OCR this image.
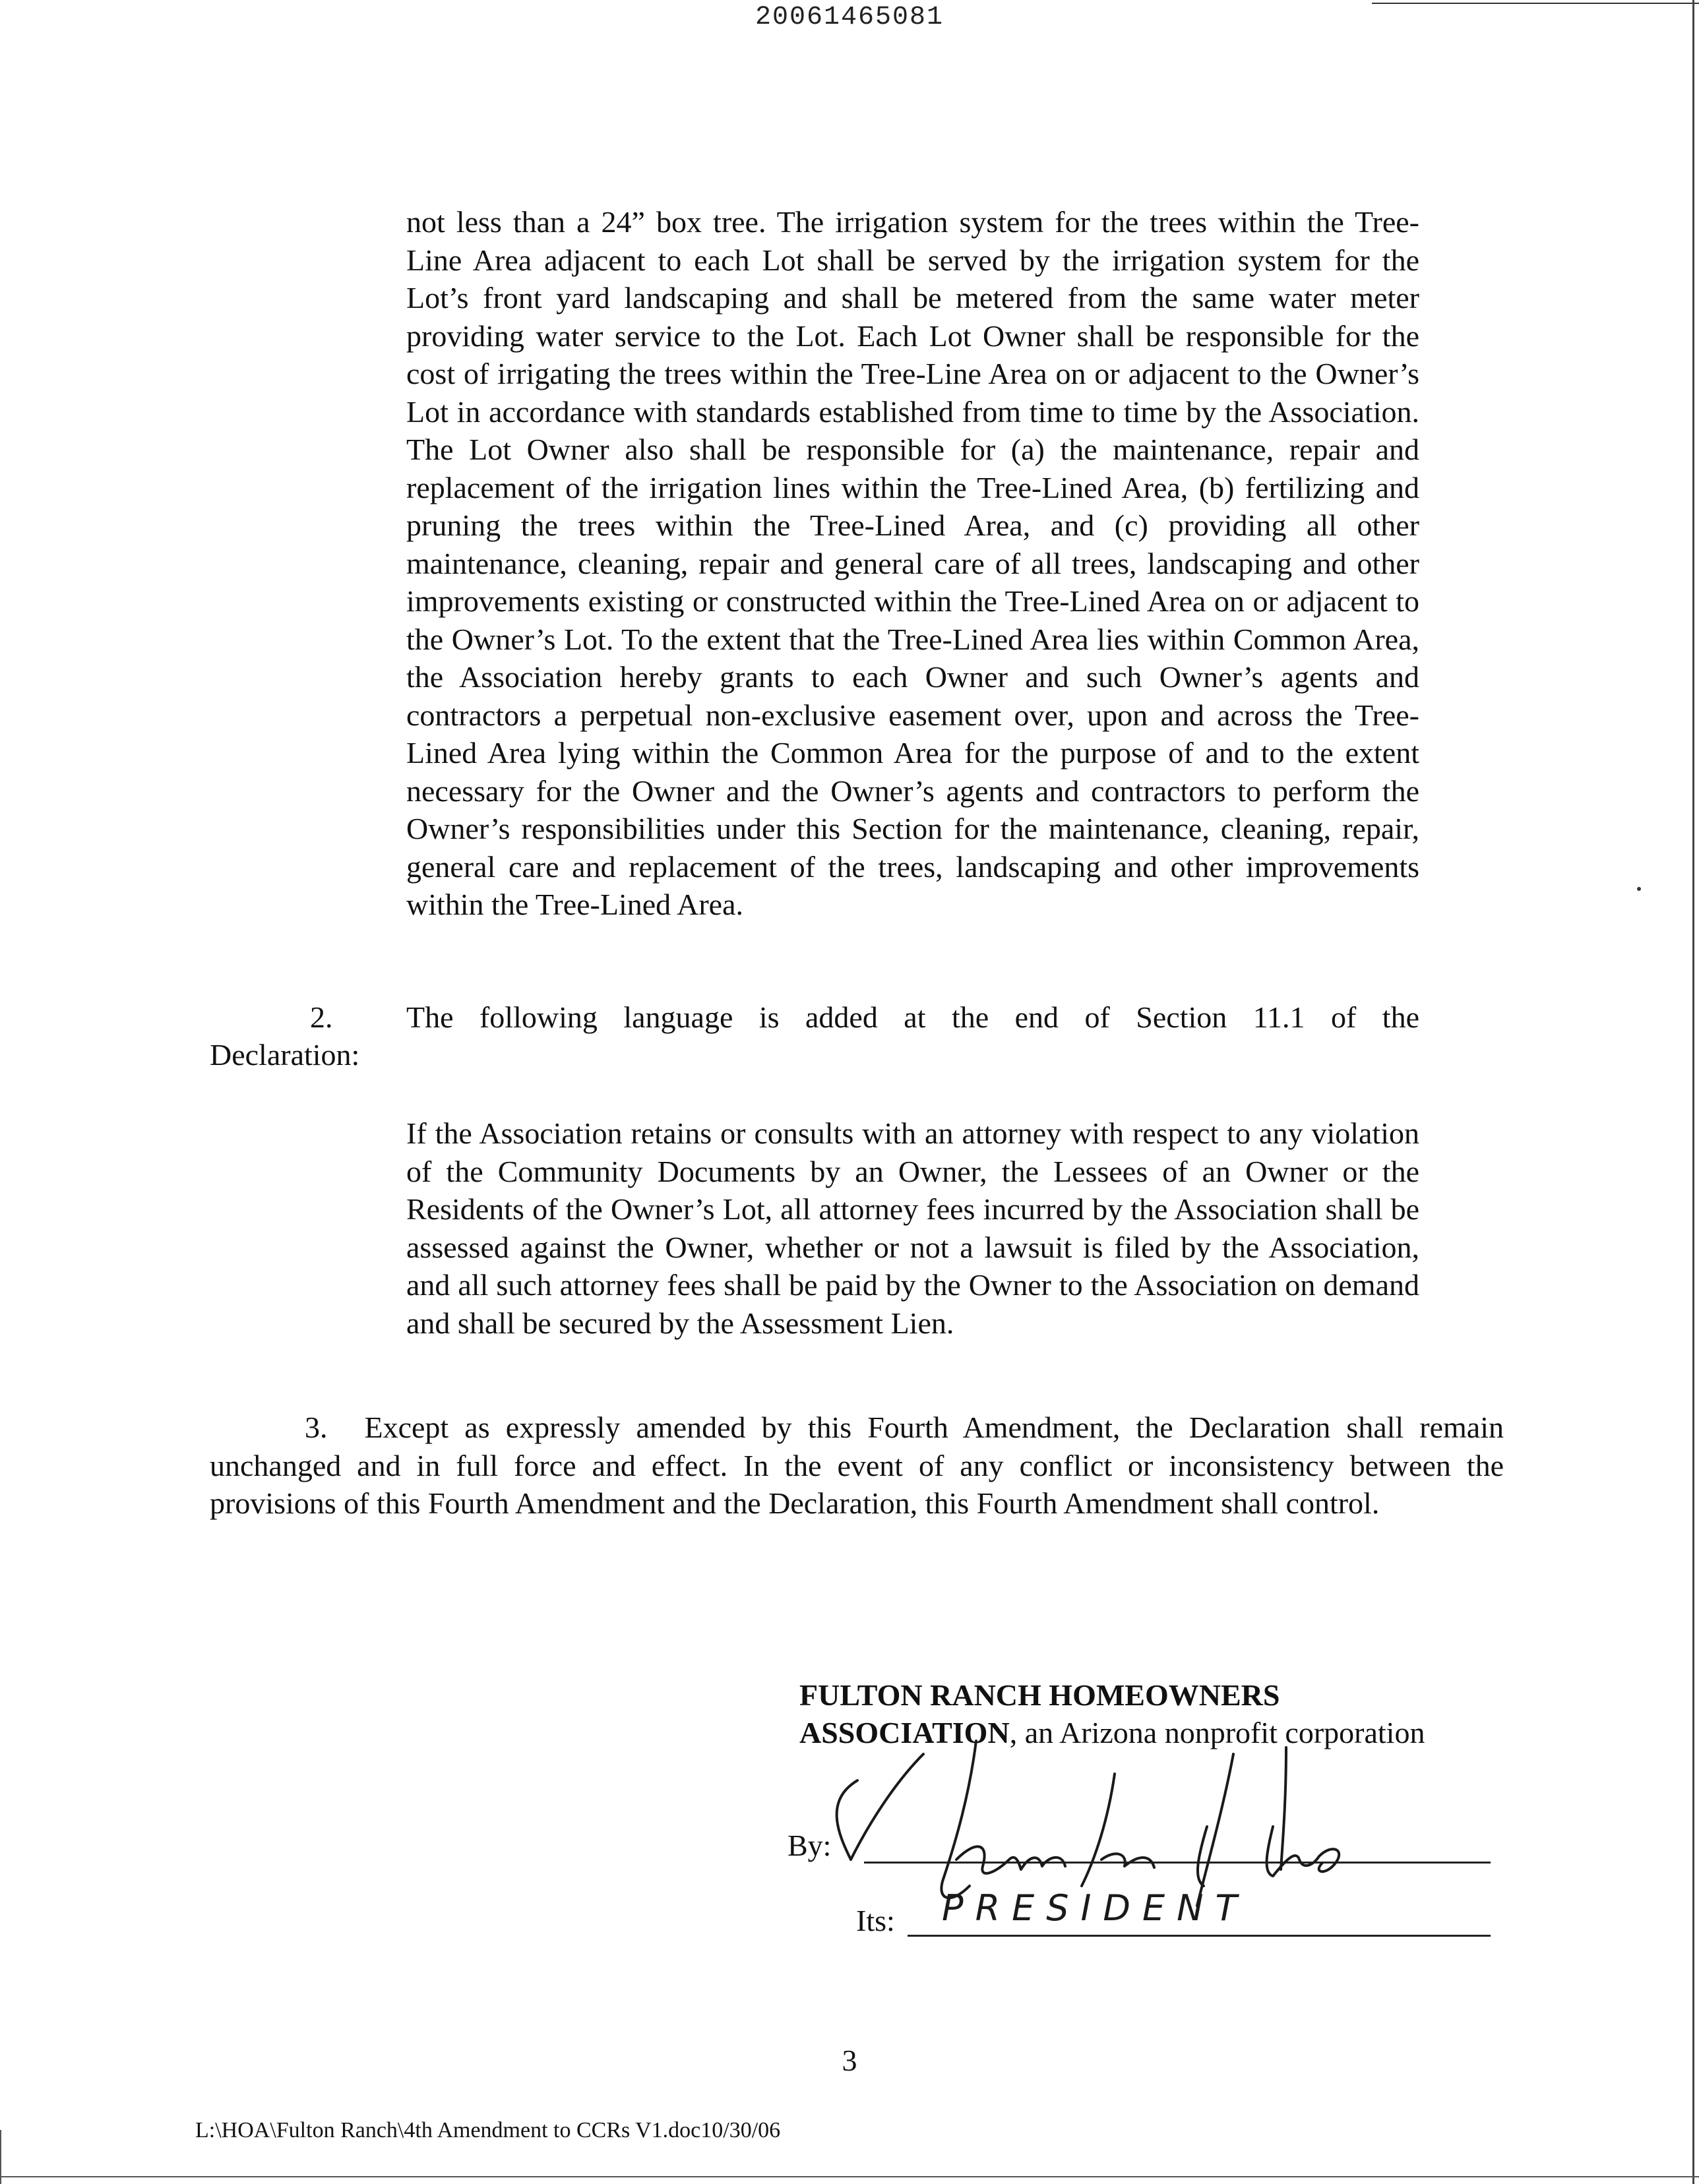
20061465081

not less than a 24” box tree. The irrigation system for the trees within the Tree-Line Area adjacent to each Lot shall be served by the irrigation system for the Lot’s front yard landscaping and shall be metered from the same water meter providing water service to the Lot. Each Lot Owner shall be responsible for the cost of irrigating the trees within the Tree-Line Area on or adjacent to the Owner’s Lot in accordance with standards established from time to time by the Association. The Lot Owner also shall be responsible for (a) the maintenance, repair and replacement of the irrigation lines within the Tree-Lined Area, (b) fertilizing and pruning the trees within the Tree-Lined Area, and (c) providing all other maintenance, cleaning, repair and general care of all trees, landscaping and other improvements existing or constructed within the Tree-Lined Area on or adjacent to the Owner’s Lot. To the extent that the Tree-Lined Area lies within Common Area, the Association hereby grants to each Owner and such Owner’s agents and contractors a perpetual non-exclusive easement over, upon and across the Tree-Lined Area lying within the Common Area for the purpose of and to the extent necessary for the Owner and the Owner’s agents and contractors to perform the Owner’s responsibilities under this Section for the maintenance, cleaning, repair, general care and replacement of the trees, landscaping and other improvements within the Tree-Lined Area.

2. The following language is added at the end of Section 11.1 of the
Declaration:

If the Association retains or consults with an attorney with respect to any violation of the Community Documents by an Owner, the Lessees of an Owner or the Residents of the Owner’s Lot, all attorney fees incurred by the Association shall be assessed against the Owner, whether or not a lawsuit is filed by the Association, and all such attorney fees shall be paid by the Owner to the Association on demand and shall be secured by the Assessment Lien.

3. Except as expressly amended by this Fourth Amendment, the Declaration shall remain unchanged and in full force and effect. In the event of any conflict or inconsistency between the provisions of this Fourth Amendment and the Declaration, this Fourth Amendment shall control.

FULTON RANCH HOMEOWNERS
ASSOCIATION, an Arizona nonprofit corporation
By:
Its: PRESIDENT
3
L:\HOA\Fulton Ranch\4th Amendment to CCRs V1.doc10/30/06
